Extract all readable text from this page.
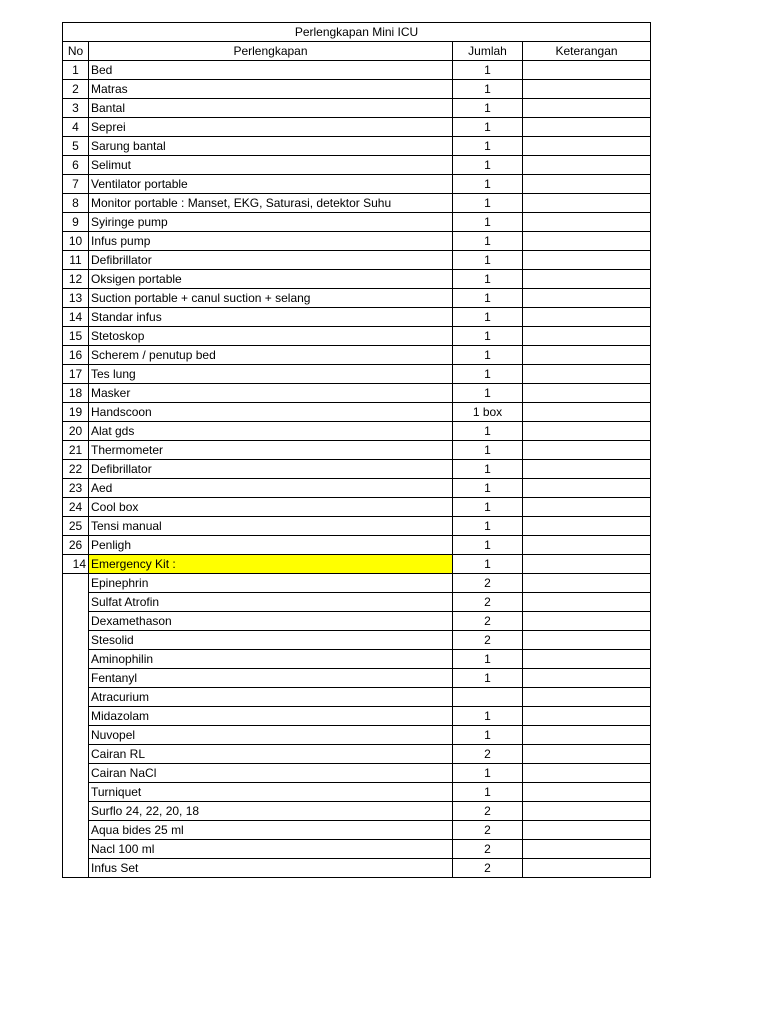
Perlengkapan Mini ICU			
No	Perlengkapan	Jumlah	Keterangan
1	Bed	1	
2	Matras	1	
3	Bantal	1	
4	Seprei	1	
5	Sarung bantal	1	
6	Selimut	1	
7	Ventilator portable	1	
8	Monitor portable : Manset, EKG, Saturasi, detektor Suhu	1	
9	Syiringe pump	1	
10	Infus pump	1	
11	Defibrillator	1	
12	Oksigen portable	1	
13	Suction portable + canul suction + selang	1	
14	Standar infus	1	
15	Stetoskop	1	
16	Scherem / penutup bed	1	
17	Tes lung	1	
18	Masker	1	
19	Handscoon	1 box	
20	Alat gds	1	
21	Thermometer	1	
22	Defibrillator	1	
23	Aed	1	
24	Cool box	1	
25	Tensi manual	1	
26	Penligh	1	
14	Emergency Kit :	1	
	Epinephrin	2	
	Sulfat Atrofin	2	
	Dexamethason	2	
	Stesolid	2	
	Aminophilin	1	
	Fentanyl	1	
	Atracurium		
	Midazolam	1	
	Nuvopel	1	
	Cairan RL	2	
	Cairan NaCl	1	
	Turniquet	1	
	Surflo 24, 22, 20, 18	2	
	Aqua bides 25 ml	2	
	Nacl 100 ml	2	
	Infus Set	2	
